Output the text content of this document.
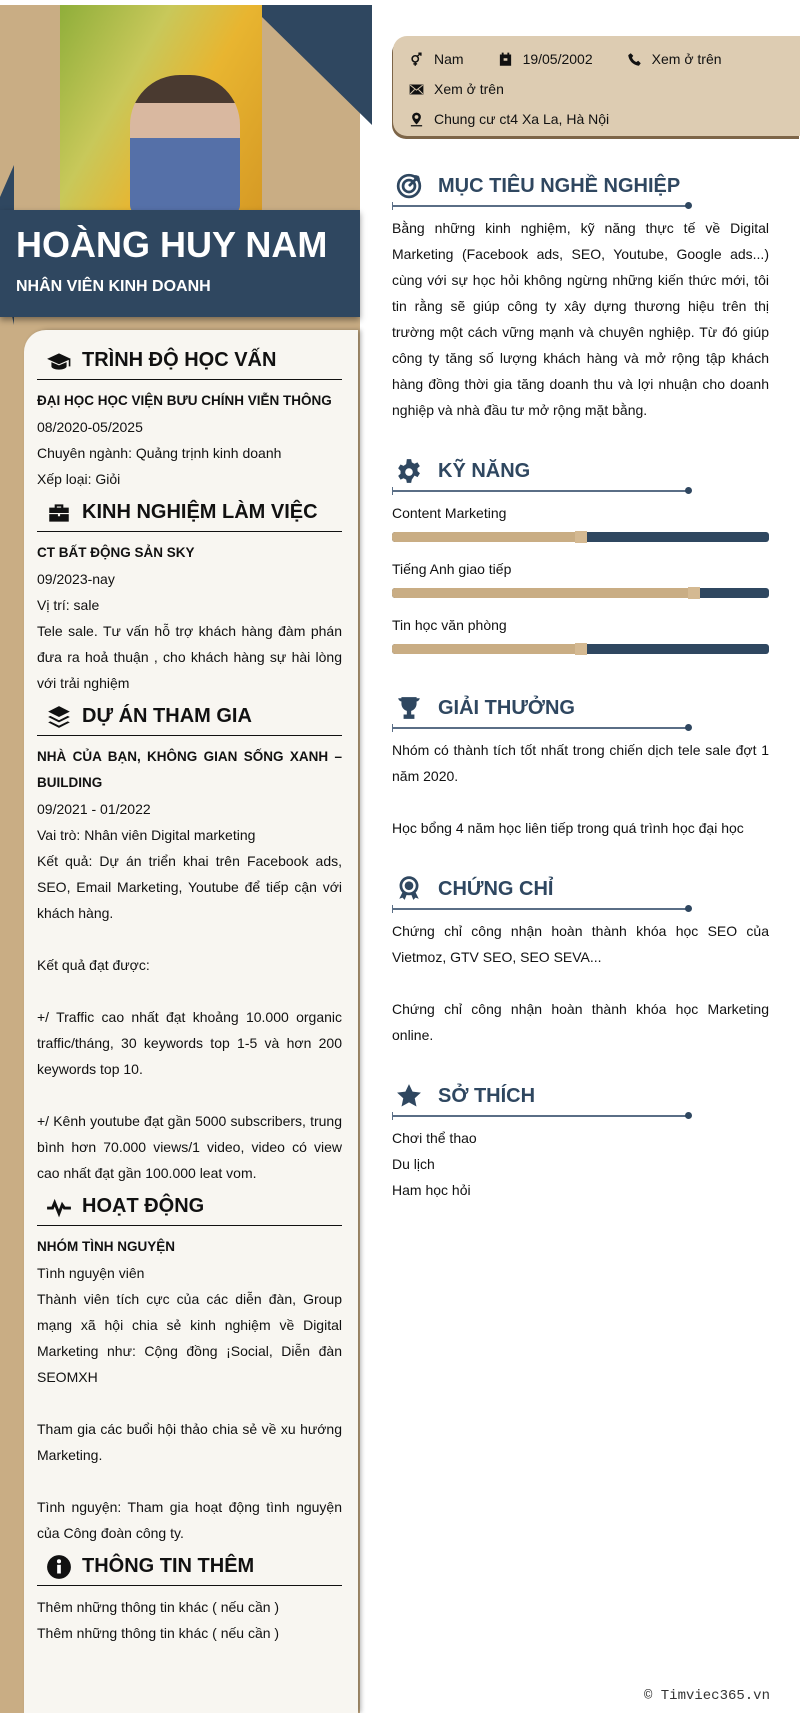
HOÀNG HUY NAM
NHÂN VIÊN KINH DOANH
TRÌNH ĐỘ HỌC VẤN
ĐẠI HỌC HỌC VIỆN BƯU CHÍNH VIỄN THÔNG
08/2020-05/2025
Chuyên ngành: Quảng trịnh kinh doanh
Xếp loại: Giỏi
KINH NGHIỆM LÀM VIỆC
CT BẤT ĐỘNG SẢN SKY
09/2023-nay
Vị trí: sale
Tele sale. Tư vấn hỗ trợ khách hàng đàm phán đưa ra hoả thuận , cho khách hàng sự hài lòng với trải nghiệm
DỰ ÁN THAM GIA
NHÀ CỦA BẠN, KHÔNG GIAN SỐNG XANH – BUILDING
09/2021 - 01/2022
Vai trò: Nhân viên Digital marketing
Kết quả: Dự án triển khai trên Facebook ads, SEO, Email Marketing, Youtube để tiếp cận với khách hàng.
Kết quả đạt được:
+/ Traffic cao nhất đạt khoảng 10.000 organic traffic/tháng, 30 keywords top 1-5 và hơn 200 keywords top 10.
+/ Kênh youtube đạt gần 5000 subscribers, trung bình hơn 70.000 views/1 video, video có view cao nhất đạt gần 100.000 leat vom.
HOẠT ĐỘNG
NHÓM TÌNH NGUYỆN
Tình nguyện viên
Thành viên tích cực của các diễn đàn, Group mạng xã hội chia sẻ kinh nghiệm về Digital Marketing như: Cộng đồng ¡Social, Diễn đàn SEOMXH
Tham gia các buổi hội thảo chia sẻ về xu hướng Marketing.
Tình nguyện: Tham gia hoạt động tình nguyện của Công đoàn công ty.
THÔNG TIN THÊM
Thêm những thông tin khác ( nếu cần )
Thêm những thông tin khác ( nếu cần )
Nam	19/05/2002	Xem ở trên
Xem ở trên
Chung cư ct4 Xa La, Hà Nội
MỤC TIÊU NGHỀ NGHIỆP
Bằng những kinh nghiệm, kỹ năng thực tế về Digital Marketing (Facebook ads, SEO, Youtube, Google ads...) cùng với sự học hỏi không ngừng những kiến thức mới, tôi tin rằng sẽ giúp công ty xây dựng thương hiệu trên thị trường một cách vững mạnh và chuyên nghiệp. Từ đó giúp công ty tăng số lượng khách hàng và mở rộng tập khách hàng đồng thời gia tăng doanh thu và lợi nhuận cho doanh nghiệp và nhà đầu tư mở rộng mặt bằng.
KỸ NĂNG
Content Marketing
Tiếng Anh giao tiếp
Tin học văn phòng
GIẢI THƯỞNG
Nhóm có thành tích tốt nhất trong chiến dịch tele sale đợt 1 năm 2020.
Học bổng 4 năm học liên tiếp trong quá trình học đại học
CHỨNG CHỈ
Chứng chỉ công nhận hoàn thành khóa học SEO của Vietmoz, GTV SEO, SEO SEVA...
Chứng chỉ công nhận hoàn thành khóa học Marketing online.
SỞ THÍCH
Chơi thể thao
Du lịch
Ham học hỏi
© Timviec365.vn
